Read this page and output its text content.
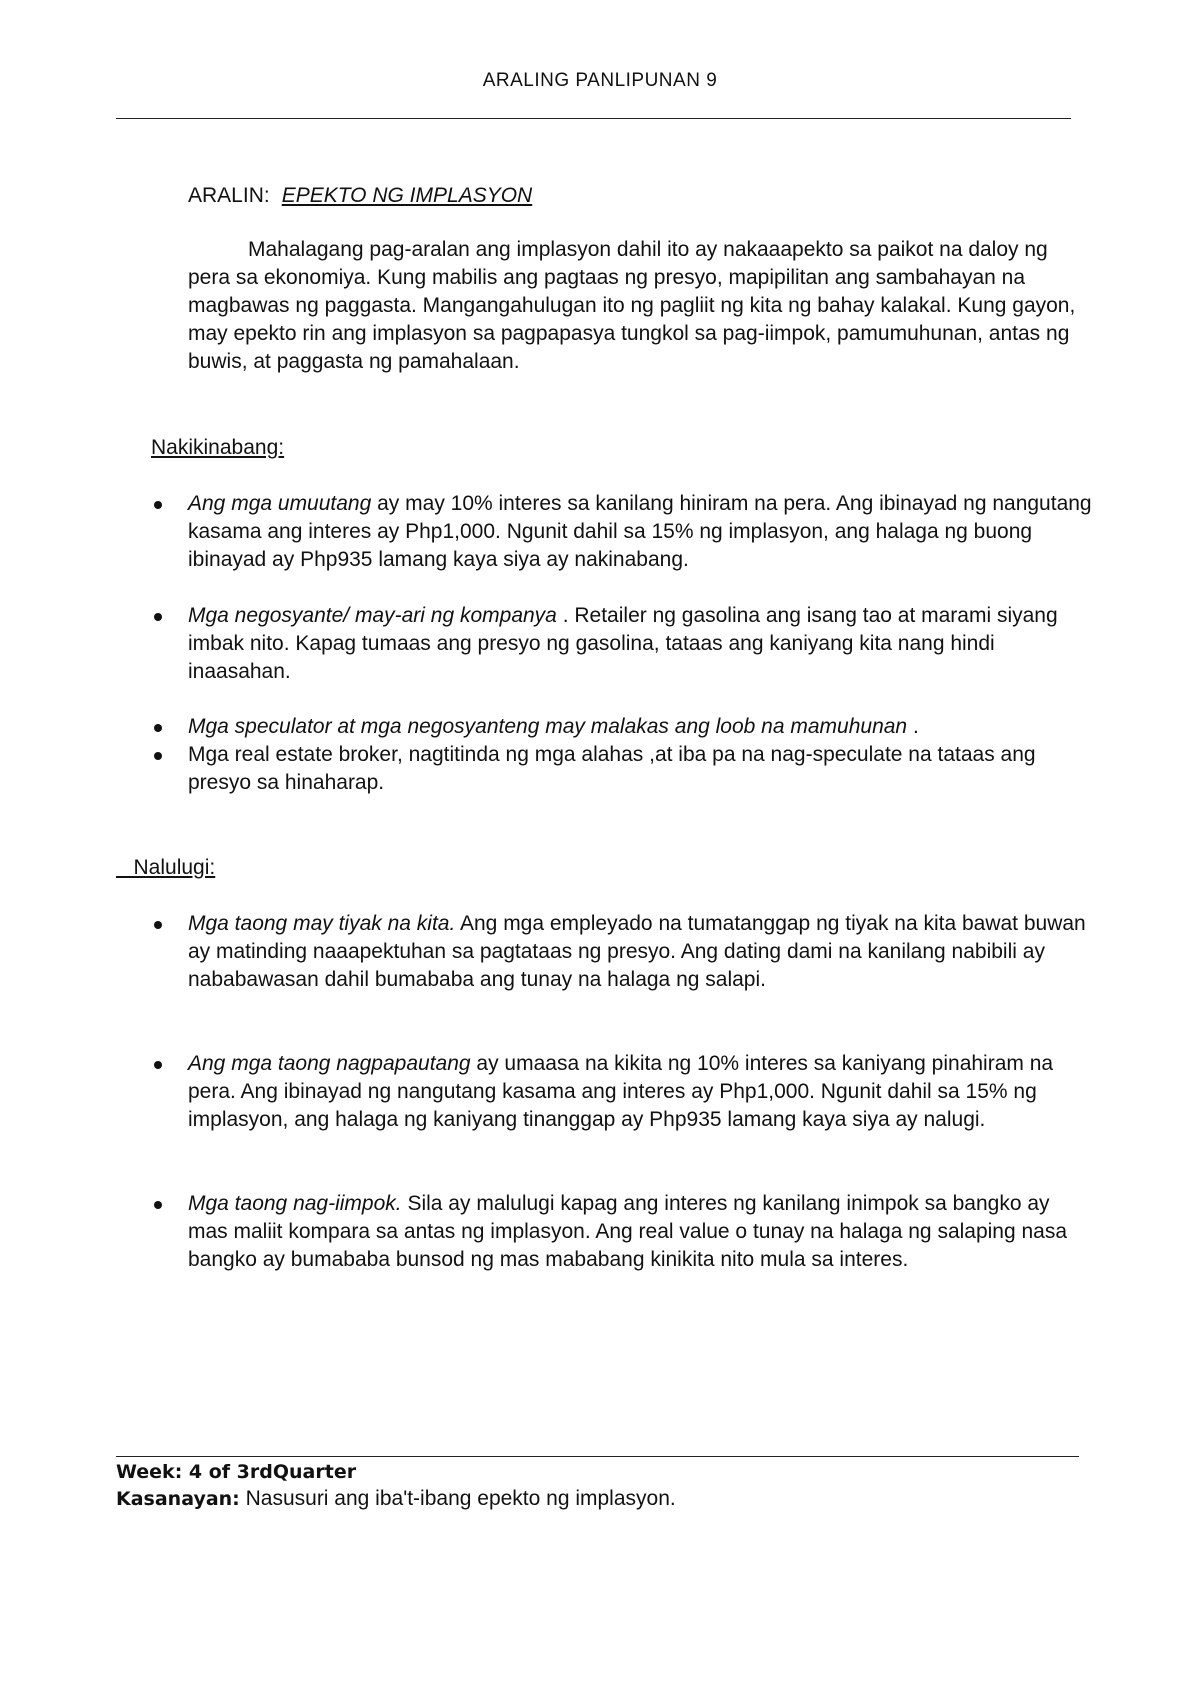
ARALING PANLIPUNAN 9
ARALIN: EPEKTO NG IMPLASYON

Mahalagang pag-aralan ang implasyon dahil ito ay nakaaapekto sa paikot na daloy ng pera sa ekonomiya. Kung mabilis ang pagtaas ng presyo, mapipilitan ang sambahayan na magbawas ng paggasta. Mangangahulugan ito ng pagliit ng kita ng bahay kalakal. Kung gayon, may epekto rin ang implasyon sa pagpapasya tungkol sa pag-iimpok, pamumuhunan, antas ng buwis, at paggasta ng pamahalaan.

Nakikinabang:
Ang mga umuutang ay may 10% interes sa kanilang hiniram na pera. Ang ibinayad ng nangutang kasama ang interes ay Php1,000. Ngunit dahil sa 15% ng implasyon, ang halaga ng buong ibinayad ay Php935 lamang kaya siya ay nakinabang.
Mga negosyante/ may-ari ng kompanya . Retailer ng gasolina ang isang tao at marami siyang imbak nito. Kapag tumaas ang presyo ng gasolina, tataas ang kaniyang kita nang hindi inaasahan.
Mga speculator at mga negosyanteng may malakas ang loob na mamuhunan .
Mga real estate broker, nagtitinda ng mga alahas ,at iba pa na nag-speculate na tataas ang presyo sa hinaharap.
Nalulugi:
Mga taong may tiyak na kita. Ang mga empleyado na tumatanggap ng tiyak na kita bawat buwan ay matinding naaapektuhan sa pagtataas ng presyo. Ang dating dami na kanilang nabibili ay nababawasan dahil bumababa ang tunay na halaga ng salapi.
Ang mga taong nagpapautang ay umaasa na kikita ng 10% interes sa kaniyang pinahiram na pera. Ang ibinayad ng nangutang kasama ang interes ay Php1,000. Ngunit dahil sa 15% ng implasyon, ang halaga ng kaniyang tinanggap ay Php935 lamang kaya siya ay nalugi.
Mga taong nag-iimpok. Sila ay malulugi kapag ang interes ng kanilang inimpok sa bangko ay mas maliit kompara sa antas ng implasyon. Ang real value o tunay na halaga ng salaping nasa bangko ay bumababa bunsod ng mas mababang kinikita nito mula sa interes.
Week: 4 of 3rdQuarter
Kasanayan: Nasusuri ang iba't-ibang epekto ng implasyon.
